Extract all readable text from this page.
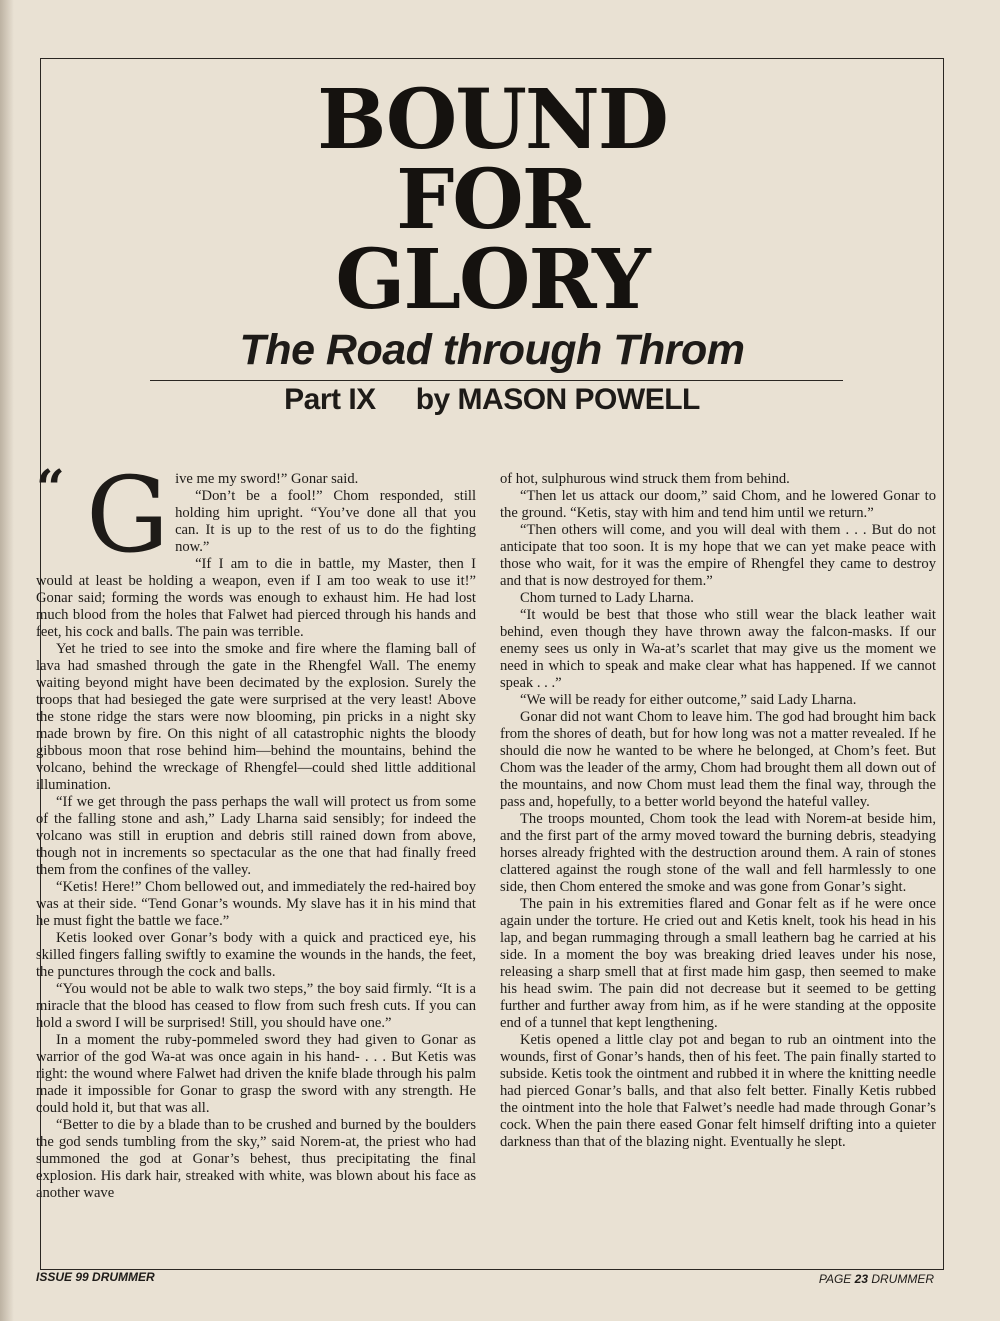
BOUND
FOR
GLORY
The Road through Throm
Part IX by MASON POWELL
“ G ive me my sword!” Gonar said.

“Don’t be a fool!” Chom responded, still holding him upright. “You’ve done all that you can. It is up to the rest of us to do the fighting now.”

“If I am to die in battle, my Master, then I would at least be holding a weapon, even if I am too weak to use it!” Gonar said; forming the words was enough to exhaust him. He had lost much blood from the holes that Falwet had pierced through his hands and feet, his cock and balls. The pain was terrible.

Yet he tried to see into the smoke and fire where the flaming ball of lava had smashed through the gate in the Rhengfel Wall. The enemy waiting beyond might have been decimated by the explosion. Surely the troops that had besieged the gate were surprised at the very least! Above the stone ridge the stars were now blooming, pin pricks in a night sky made brown by fire. On this night of all catastrophic nights the bloody gibbous moon that rose behind him—behind the mountains, behind the volcano, behind the wreckage of Rhengfel—could shed little additional illumination.

“If we get through the pass perhaps the wall will protect us from some of the falling stone and ash,” Lady Lharna said sensibly; for indeed the volcano was still in eruption and debris still rained down from above, though not in increments so spectacular as the one that had finally freed them from the confines of the valley.

“Ketis! Here!” Chom bellowed out, and immediately the red-haired boy was at their side. “Tend Gonar’s wounds. My slave has it in his mind that he must fight the battle we face.”

Ketis looked over Gonar’s body with a quick and practiced eye, his skilled fingers falling swiftly to examine the wounds in the hands, the feet, the punctures through the cock and balls.

“You would not be able to walk two steps,” the boy said firmly. “It is a miracle that the blood has ceased to flow from such fresh cuts. If you can hold a sword I will be surprised! Still, you should have one.”

In a moment the ruby-pommeled sword they had given to Gonar as warrior of the god Wa-at was once again in his hand- . . . But Ketis was right: the wound where Falwet had driven the knife blade through his palm made it impossible for Gonar to grasp the sword with any strength. He could hold it, but that was all.

“Better to die by a blade than to be crushed and burned by the boulders the god sends tumbling from the sky,” said Norem-at, the priest who had summoned the god at Gonar’s behest, thus precipitating the final explosion. His dark hair, streaked with white, was blown about his face as another wave

of hot, sulphurous wind struck them from behind.

“Then let us attack our doom,” said Chom, and he lowered Gonar to the ground. “Ketis, stay with him and tend him until we return.”

“Then others will come, and you will deal with them . . . But do not anticipate that too soon. It is my hope that we can yet make peace with those who wait, for it was the empire of Rhengfel they came to destroy and that is now destroyed for them.”

Chom turned to Lady Lharna.

“It would be best that those who still wear the black leather wait behind, even though they have thrown away the falcon-masks. If our enemy sees us only in Wa-at’s scarlet that may give us the moment we need in which to speak and make clear what has happened. If we cannot speak . . .”

“We will be ready for either outcome,” said Lady Lharna.

Gonar did not want Chom to leave him. The god had brought him back from the shores of death, but for how long was not a matter revealed. If he should die now he wanted to be where he belonged, at Chom’s feet. But Chom was the leader of the army, Chom had brought them all down out of the mountains, and now Chom must lead them the final way, through the pass and, hopefully, to a better world beyond the hateful valley.

The troops mounted, Chom took the lead with Norem-at beside him, and the first part of the army moved toward the burning debris, steadying horses already frighted with the destruction around them. A rain of stones clattered against the rough stone of the wall and fell harmlessly to one side, then Chom entered the smoke and was gone from Gonar’s sight.

The pain in his extremities flared and Gonar felt as if he were once again under the torture. He cried out and Ketis knelt, took his head in his lap, and began rummaging through a small leathern bag he carried at his side. In a moment the boy was breaking dried leaves under his nose, releasing a sharp smell that at first made him gasp, then seemed to make his head swim. The pain did not decrease but it seemed to be getting further and further away from him, as if he were standing at the opposite end of a tunnel that kept lengthening.

Ketis opened a little clay pot and began to rub an ointment into the wounds, first of Gonar’s hands, then of his feet. The pain finally started to subside. Ketis took the ointment and rubbed it in where the knitting needle had pierced Gonar’s balls, and that also felt better. Finally Ketis rubbed the ointment into the hole that Falwet’s needle had made through Gonar’s cock. When the pain there eased Gonar felt himself drifting into a quieter darkness than that of the blazing night. Eventually he slept.

ISSUE 99 DRUMMER	PAGE 23 DRUMMER
